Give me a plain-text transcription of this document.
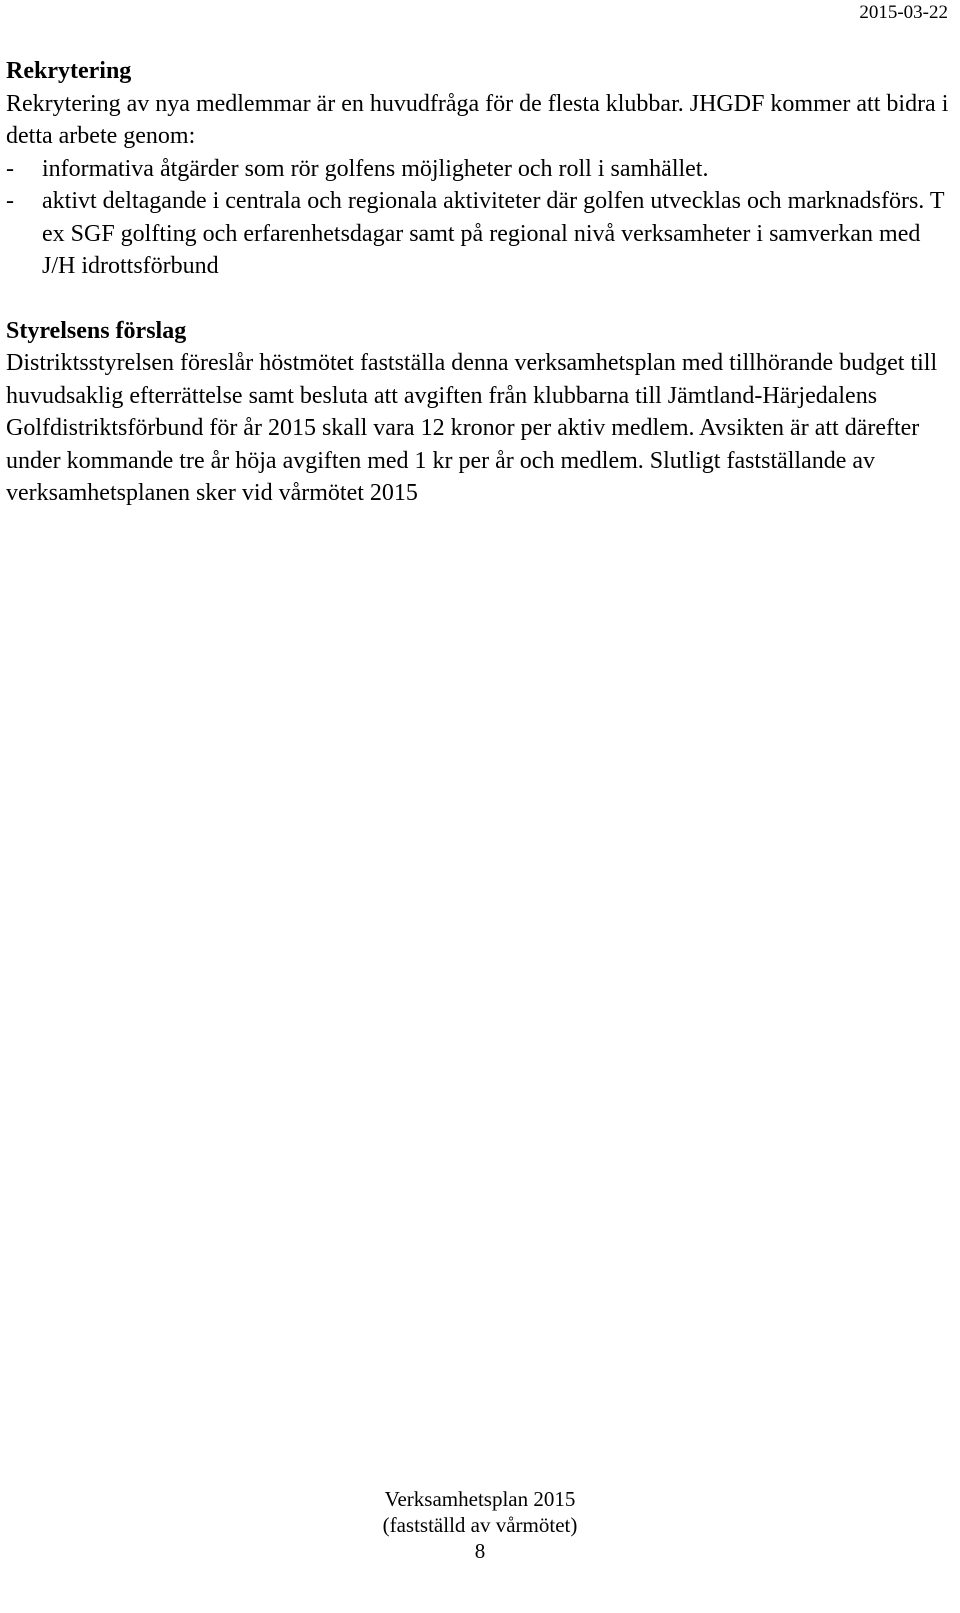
2015-03-22

Rekrytering

Rekrytering av nya medlemmar är en huvudfråga för de flesta klubbar. JHGDF kommer att bidra i detta arbete genom:

-	informativa åtgärder som rör golfens möjligheter och roll i samhället.
-	aktivt deltagande i centrala och regionala aktiviteter där golfen utvecklas och marknadsförs. T ex SGF golfting och erfarenhetsdagar samt på regional nivå verksamheter i samverkan med J/H idrottsförbund

Styrelsens förslag

Distriktsstyrelsen föreslår höstmötet fastställa denna verksamhetsplan med tillhörande budget till huvudsaklig efterrättelse samt besluta att avgiften från klubbarna till Jämtland-Härjedalens Golfdistriktsförbund för år 2015 skall vara 12 kronor per aktiv medlem. Avsikten är att därefter under kommande tre år höja avgiften med 1 kr per år och medlem. Slutligt fastställande av verksamhetsplanen sker vid vårmötet 2015

Verksamhetsplan 2015
(fastställd av vårmötet)
8
